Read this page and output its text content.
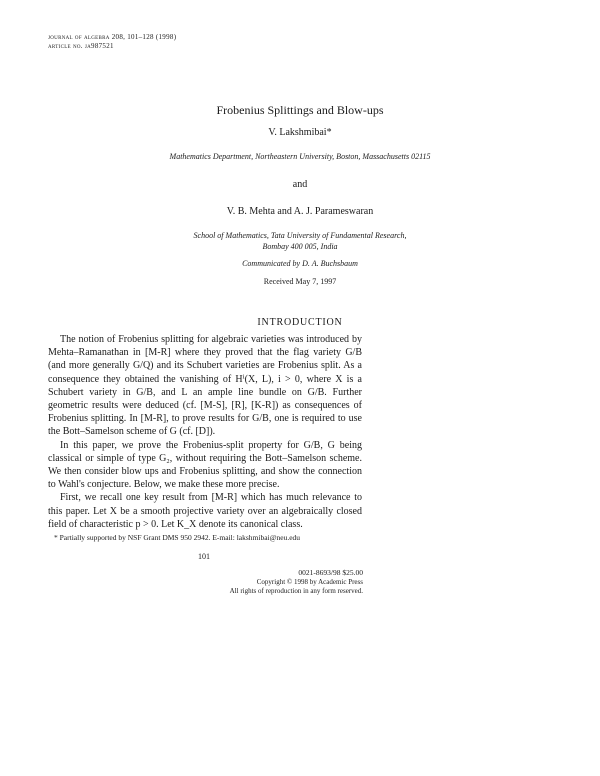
journal of algebra 208, 101–128 (1998)
article no. ja987521
Frobenius Splittings and Blow-ups
V. Lakshmibai*
Mathematics Department, Northeastern University, Boston, Massachusetts 02115
and
V. B. Mehta and A. J. Parameswaran
School of Mathematics, Tata University of Fundamental Research,
Bombay 400 005, India
Communicated by D. A. Buchsbaum
Received May 7, 1997
INTRODUCTION

The notion of Frobenius splitting for algebraic varieties was introduced by Mehta–Ramanathan in [M-R] where they proved that the flag variety G/B (and more generally G/Q) and its Schubert varieties are Frobenius split. As a consequence they obtained the vanishing of Hⁱ(X, L), i > 0, where X is a Schubert variety in G/B, and L an ample line bundle on G/B. Further geometric results were deduced (cf. [M-S], [R], [K-R]) as consequences of Frobenius splitting. In [M-R], to prove results for G/B, one is required to use the Bott–Samelson scheme of G (cf. [D]).

In this paper, we prove the Frobenius-split property for G/B, G being classical or simple of type G₂, without requiring the Bott–Samelson scheme. We then consider blow ups and Frobenius splitting, and show the connection to Wahl's conjecture. Below, we make these more precise.

First, we recall one key result from [M-R] which has much relevance to this paper. Let X be a smooth projective variety over an algebraically closed field of characteristic p > 0. Let K_X denote its canonical class.

* Partially supported by NSF Grant DMS 950 2942. E-mail: lakshmibai@neu.edu
101
0021-8693/98 $25.00
Copyright © 1998 by Academic Press
All rights of reproduction in any form reserved.
